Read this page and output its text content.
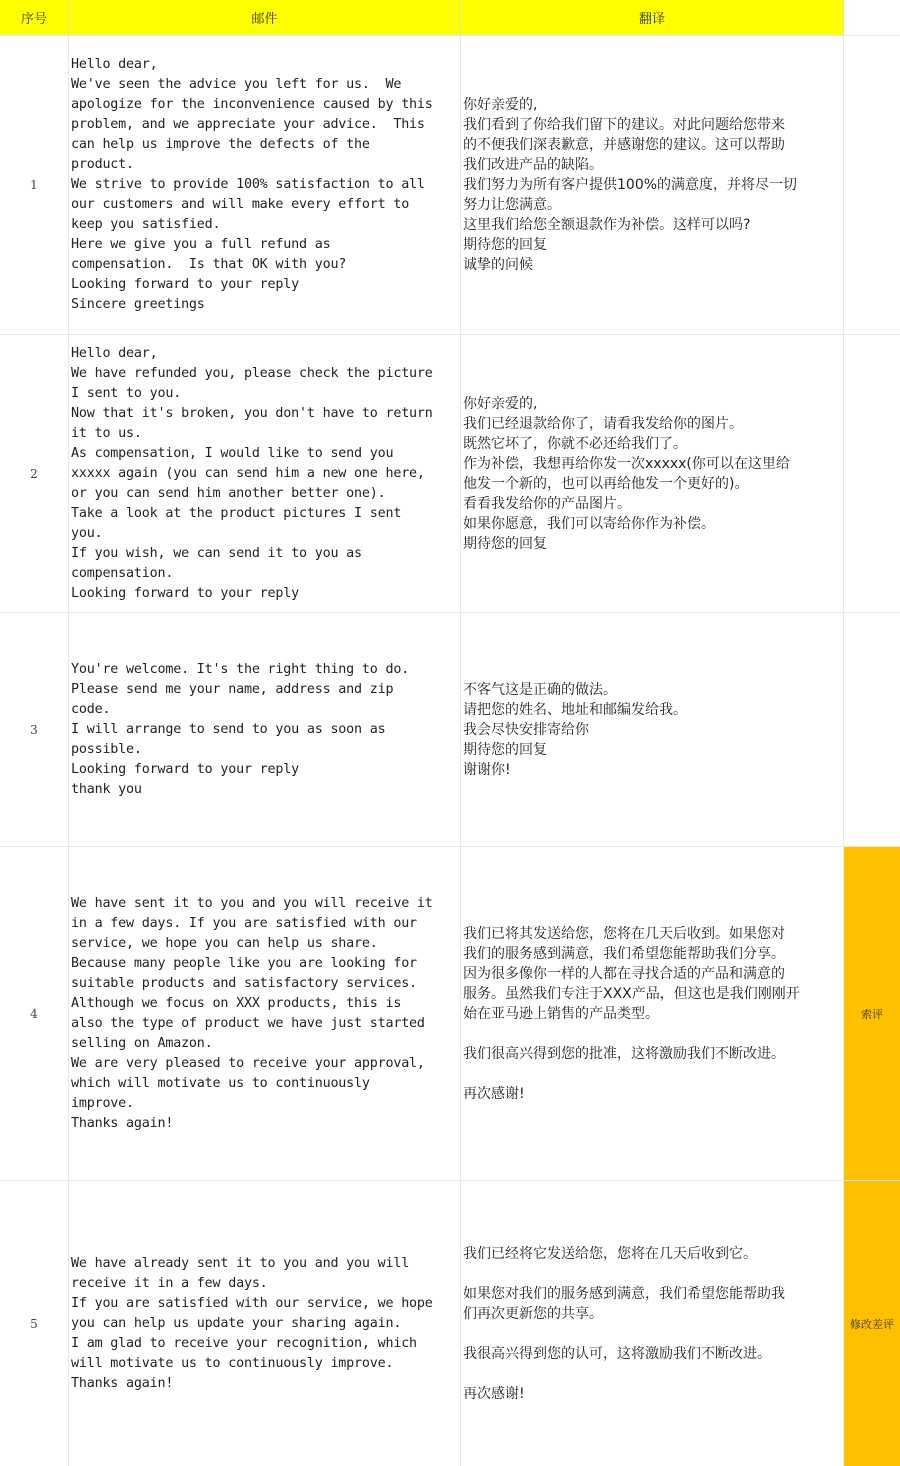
序号	邮件	翻译
1
Hello dear,
We've seen the advice you left for us.  We
apologize for the inconvenience caused by this
problem, and we appreciate your advice.  This
can help us improve the defects of the
product.
We strive to provide 100% satisfaction to all
our customers and will make every effort to
keep you satisfied.
Here we give you a full refund as
compensation.  Is that OK with you?
Looking forward to your reply
Sincere greetings
你好亲爱的,
我们看到了你给我们留下的建议。对此问题给您带来
的不便我们深表歉意，并感谢您的建议。这可以帮助
我们改进产品的缺陷。
我们努力为所有客户提供100%的满意度，并将尽一切
努力让您满意。
这里我们给您全额退款作为补偿。这样可以吗?
期待您的回复
诚挚的问候
2
Hello dear,
We have refunded you, please check the picture
I sent to you.
Now that it's broken, you don't have to return
it to us.
As compensation, I would like to send you
xxxxx again (you can send him a new one here,
or you can send him another better one).
Take a look at the product pictures I sent
you.
If you wish, we can send it to you as
compensation.
Looking forward to your reply
你好亲爱的,
我们已经退款给你了，请看我发给你的图片。
既然它坏了，你就不必还给我们了。
作为补偿，我想再给你发一次xxxxx(你可以在这里给
他发一个新的，也可以再给他发一个更好的)。
看看我发给你的产品图片。
如果你愿意，我们可以寄给你作为补偿。
期待您的回复
3
You're welcome. It's the right thing to do.
Please send me your name, address and zip
code.
I will arrange to send to you as soon as
possible.
Looking forward to your reply
thank you
不客气这是正确的做法。
请把您的姓名、地址和邮编发给我。
我会尽快安排寄给你
期待您的回复
谢谢你!
4
We have sent it to you and you will receive it
in a few days. If you are satisfied with our
service, we hope you can help us share.
Because many people like you are looking for
suitable products and satisfactory services.
Although we focus on XXX products, this is
also the type of product we have just started
selling on Amazon.
We are very pleased to receive your approval,
which will motivate us to continuously
improve.
Thanks again!
我们已将其发送给您，您将在几天后收到。如果您对
我们的服务感到满意，我们希望您能帮助我们分享。
因为很多像你一样的人都在寻找合适的产品和满意的
服务。虽然我们专注于XXX产品，但这也是我们刚刚开
始在亚马逊上销售的产品类型。
我们很高兴得到您的批准，这将激励我们不断改进。
再次感谢!
索评
5
We have already sent it to you and you will
receive it in a few days.
If you are satisfied with our service, we hope
you can help us update your sharing again.
I am glad to receive your recognition, which
will motivate us to continuously improve.
Thanks again!
我们已经将它发送给您，您将在几天后收到它。
如果您对我们的服务感到满意，我们希望您能帮助我
们再次更新您的共享。
我很高兴得到您的认可，这将激励我们不断改进。
再次感谢!
修改差评
